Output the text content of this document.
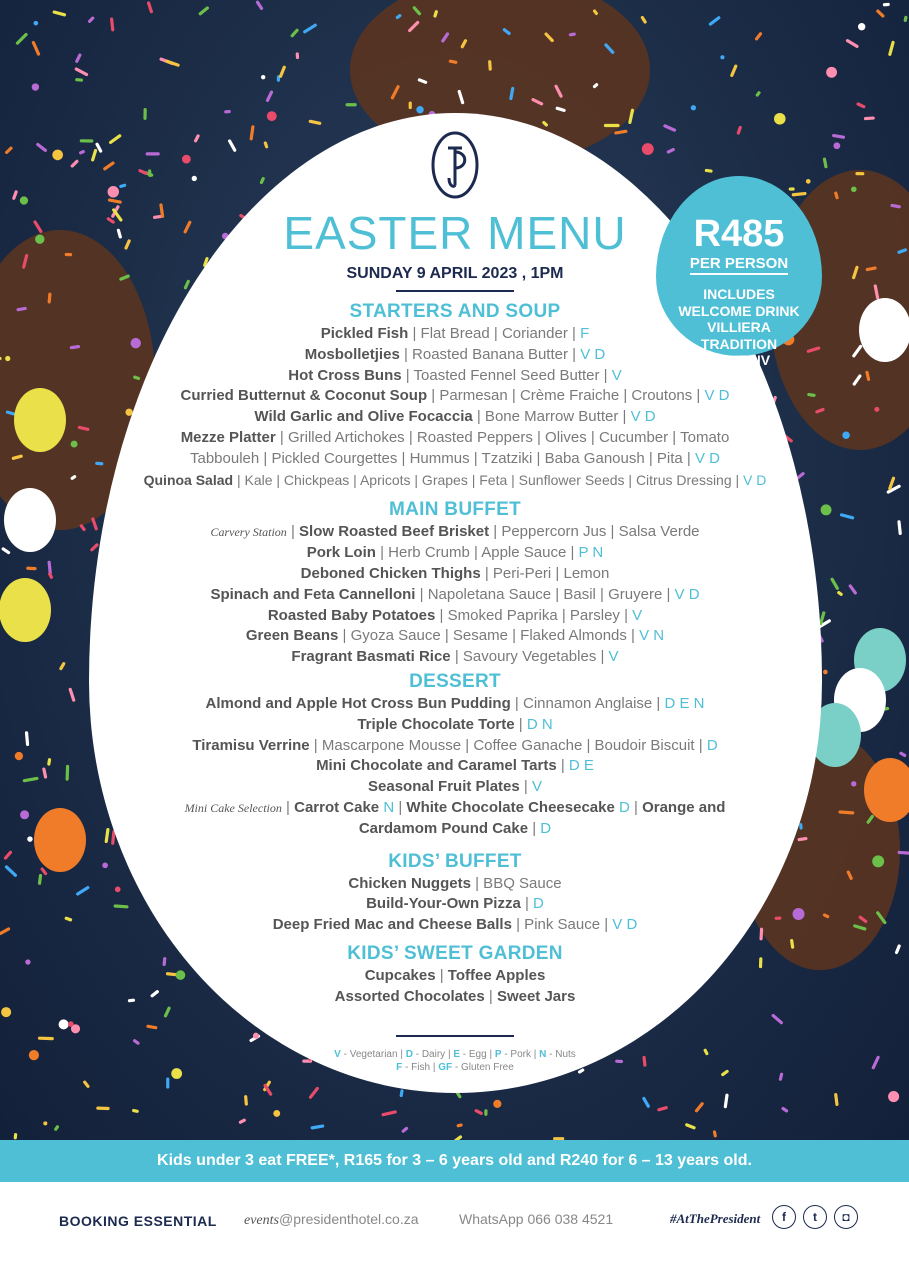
EASTER MENU
SUNDAY 9 APRIL 2023 , 1PM
STARTERS AND SOUP
Pickled Fish | Flat Bread | Coriander | F
Mosbolletjies | Roasted Banana Butter | V D
Hot Cross Buns | Toasted Fennel Seed Butter | V
Curried Butternut & Coconut Soup | Parmesan | Crème Fraiche | Croutons | V D
Wild Garlic and Olive Focaccia | Bone Marrow Butter | V D
Mezze Platter | Grilled Artichokes | Roasted Peppers | Olives | Cucumber | Tomato
Tabbouleh | Pickled Courgettes | Hummus | Tzatziki | Baba Ganoush | Pita | V D
Quinoa Salad | Kale | Chickpeas | Apricots | Grapes | Feta | Sunflower Seeds | Citrus Dressing | V D
MAIN BUFFET
Carvery Station | Slow Roasted Beef Brisket | Peppercorn Jus | Salsa Verde
Pork Loin | Herb Crumb | Apple Sauce | P N
Deboned Chicken Thighs | Peri-Peri | Lemon
Spinach and Feta Cannelloni | Napoletana Sauce | Basil | Gruyere | V D
Roasted Baby Potatoes | Smoked Paprika | Parsley | V
Green Beans | Gyoza Sauce | Sesame | Flaked Almonds | V N
Fragrant Basmati Rice | Savoury Vegetables | V
DESSERT
Almond and Apple Hot Cross Bun Pudding | Cinnamon Anglaise | D E N
Triple Chocolate Torte | D N
Tiramisu Verrine | Mascarpone Mousse | Coffee Ganache | Boudoir Biscuit | D
Mini Chocolate and Caramel Tarts | D E
Seasonal Fruit Plates | V
Mini Cake Selection | Carrot Cake N | White Chocolate Cheesecake D | Orange and
Cardamom Pound Cake | D
KIDS’ BUFFET
Chicken Nuggets | BBQ Sauce
Build-Your-Own Pizza | D
Deep Fried Mac and Cheese Balls | Pink Sauce | V D
KIDS’ SWEET GARDEN
Cupcakes | Toffee Apples
Assorted Chocolates | Sweet Jars
V - Vegetarian | D - Dairy | E - Egg | P - Pork | N - Nuts
F - Fish | GF - Gluten Free
R485
PER PERSON
INCLUDES
WELCOME DRINK
VILLIERA
TRADITION
BRUT NV
Kids under 3 eat FREE*, R165 for 3 – 6 years old and R240 for 6 – 13 years old.
BOOKING ESSENTIAL events@presidenthotel.co.za	WhatsApp 066 038 4521	#AtThePresident	f	t	◘
